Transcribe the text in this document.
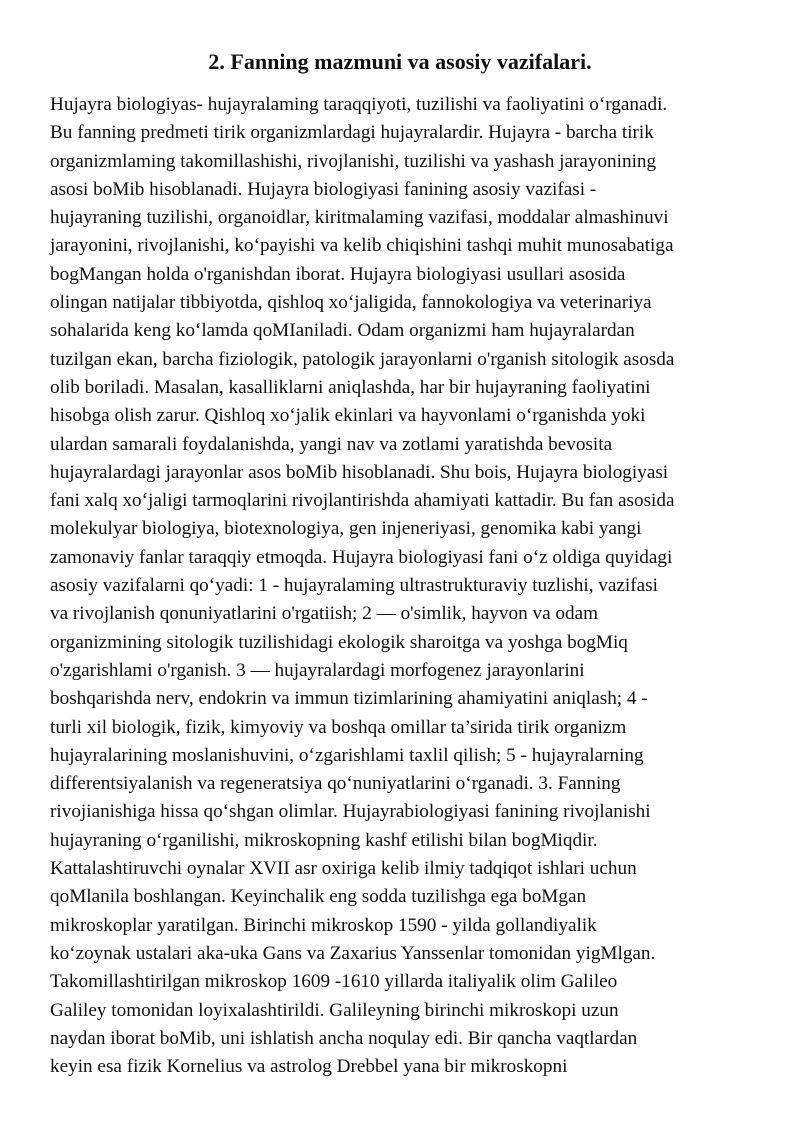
2. Fanning mazmuni va asosiy vazifalari.
Hujayra biologiyas- hujayralaming taraqqiyoti, tuzilishi va faoliyatini o‘rganadi.
Bu fanning predmeti tirik organizmlardagi hujayralardir. Hujayra - barcha tirik
organizmlaming takomillashishi, rivojlanishi, tuzilishi va yashash jarayonining
asosi boMib hisoblanadi. Hujayra biologiyasi fanining asosiy vazifasi -
hujayraning tuzilishi, organoidlar, kiritmalaming vazifasi, moddalar almashinuvi
jarayonini, rivojlanishi, ko‘payishi va kelib chiqishini tashqi muhit munosabatiga
bogMangan holda o'rganishdan iborat. Hujayra biologiyasi usullari asosida
olingan natijalar tibbiyotda, qishloq xo‘jaligida, fannokologiya va veterinariya
sohalarida keng ko‘lamda qoMIaniladi. Odam organizmi ham hujayralardan
tuzilgan ekan, barcha fiziologik, patologik jarayonlarni o'rganish sitologik asosda
olib boriladi. Masalan, kasalliklarni aniqlashda, har bir hujayraning faoliyatini
hisobga olish zarur. Qishloq xo‘jalik ekinlari va hayvonlami o‘rganishda yoki
ulardan samarali foydalanishda, yangi nav va zotlami yaratishda bevosita
hujayralardagi jarayonlar asos boMib hisoblanadi. Shu bois, Hujayra biologiyasi
fani xalq xo‘jaligi tarmoqlarini rivojlantirishda ahamiyati kattadir. Bu fan asosida
molekulyar biologiya, biotexnologiya, gen injeneriyasi, genomika kabi yangi
zamonaviy fanlar taraqqiy etmoqda. Hujayra biologiyasi fani o‘z oldiga quyidagi
asosiy vazifalarni qo‘yadi: 1 - hujayralaming ultrastrukturaviy tuzlishi, vazifasi
va rivojlanish qonuniyatlarini o'rgatiish; 2 — o'simlik, hayvon va odam
organizmining sitologik tuzilishidagi ekologik sharoitga va yoshga bogMiq
o'zgarishlami o'rganish. 3 — hujayralardagi morfogenez jarayonlarini
boshqarishda nerv, endokrin va immun tizimlarining ahamiyatini aniqlash; 4 -
turli xil biologik, fizik, kimyoviy va boshqa omillar ta’sirida tirik organizm
hujayralarining moslanishuvini, o‘zgarishlami taxlil qilish; 5 - hujayralarning
differentsiyalanish va regeneratsiya qo‘nuniyatlarini o‘rganadi. 3. Fanning
rivojianishiga hissa qo‘shgan olimlar. Hujayrabiologiyasi fanining rivojlanishi
hujayraning o‘rganilishi, mikroskopning kashf etilishi bilan bogMiqdir.
Kattalashtiruvchi oynalar XVII asr oxiriga kelib ilmiy tadqiqot ishlari uchun
qoMlanila boshlangan. Keyinchalik eng sodda tuzilishga ega boMgan
mikroskoplar yaratilgan. Birinchi mikroskop 1590 - yilda gollandiyalik
ko‘zoynak ustalari aka-uka Gans va Zaxarius Yanssenlar tomonidan yigMlgan.
Takomillashtirilgan mikroskop 1609 -1610 yillarda italiyalik olim Galileo
Galiley tomonidan loyixalashtirildi. Galileyning birinchi mikroskopi uzun
naydan iborat boMib, uni ishlatish ancha noqulay edi. Bir qancha vaqtlardan
keyin esa fizik Kornelius va astrolog Drebbel yana bir mikroskopni
